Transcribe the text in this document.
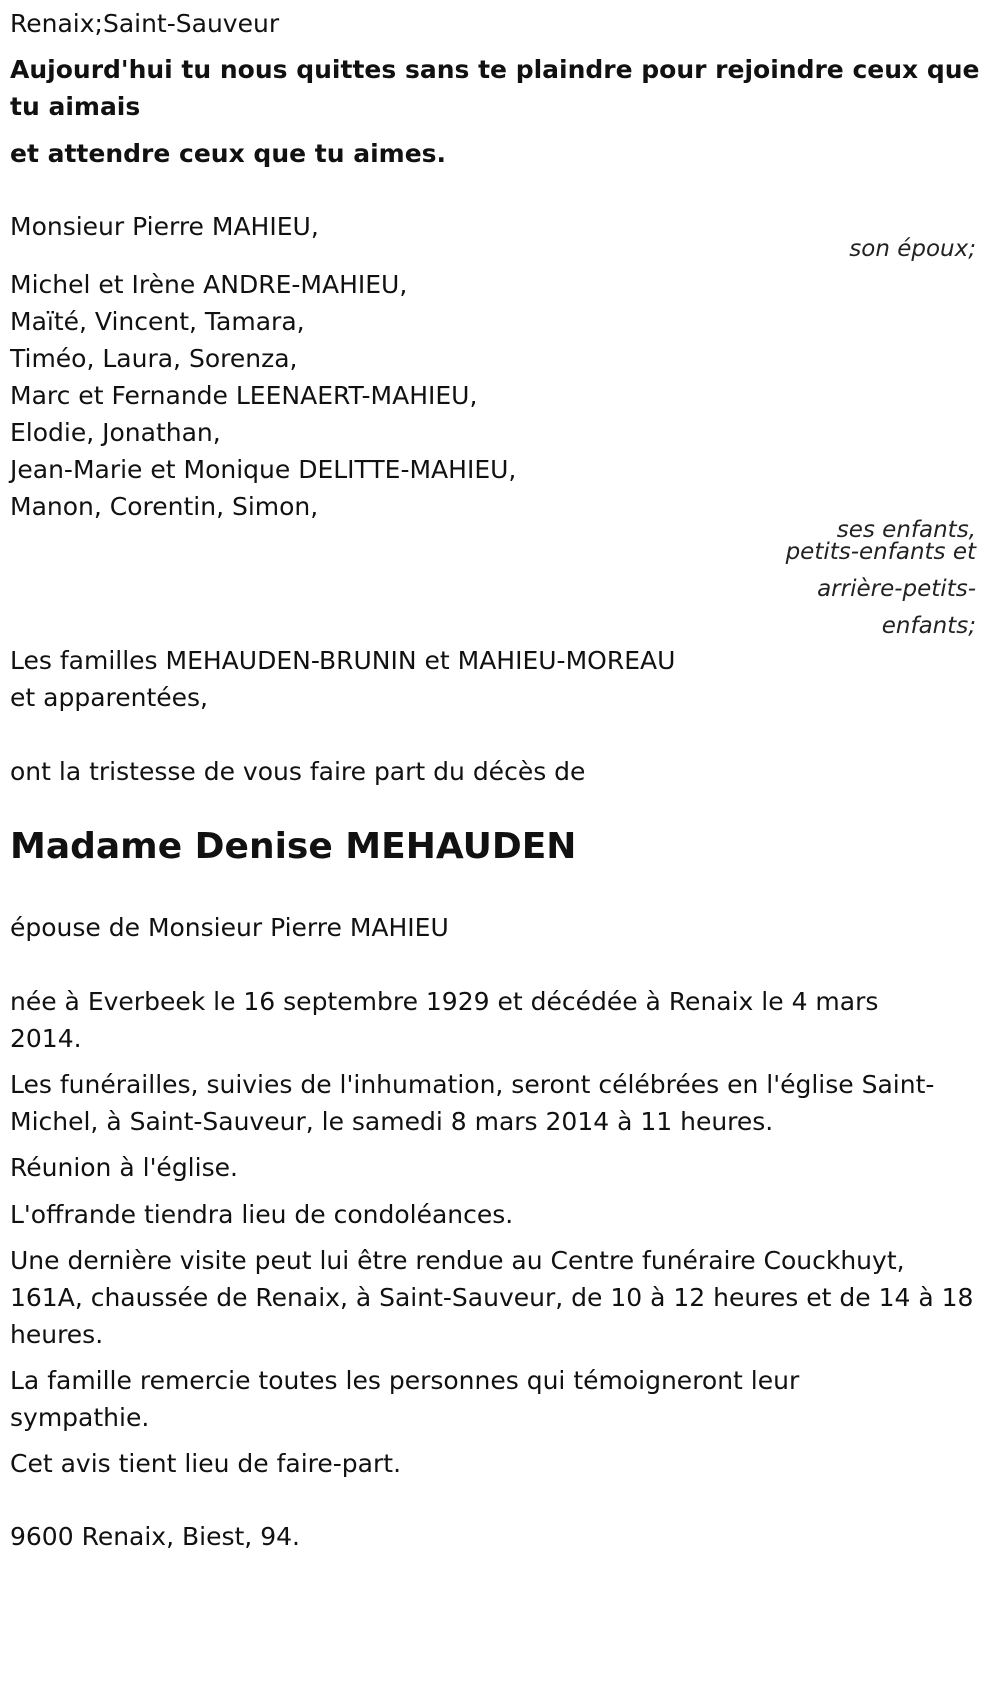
Renaix;Saint-Sauveur
Aujourd'hui tu nous quittes sans te plaindre pour rejoindre ceux que
tu aimais
et attendre ceux que tu aimes.
Monsieur Pierre MAHIEU,
son époux;
Michel et Irène ANDRE-MAHIEU,
Maïté, Vincent, Tamara,
Timéo, Laura, Sorenza,
Marc et Fernande LEENAERT-MAHIEU,
Elodie, Jonathan,
Jean-Marie et Monique DELITTE-MAHIEU,
Manon, Corentin, Simon,
ses enfants,
petits-enfants et
arrière-petits-
enfants;
Les familles MEHAUDEN-BRUNIN et MAHIEU-MOREAU
et apparentées,
ont la tristesse de vous faire part du décès de
Madame Denise MEHAUDEN
épouse de Monsieur Pierre MAHIEU
née à Everbeek le 16 septembre 1929 et décédée à Renaix le 4 mars
2014.
Les funérailles, suivies de l'inhumation, seront célébrées en l'église Saint-
Michel, à Saint-Sauveur, le samedi 8 mars 2014 à 11 heures.
Réunion à l'église.
L'offrande tiendra lieu de condoléances.
Une dernière visite peut lui être rendue au Centre funéraire Couckhuyt,
161A, chaussée de Renaix, à Saint-Sauveur, de 10 à 12 heures et de 14 à 18
heures.
La famille remercie toutes les personnes qui témoigneront leur
sympathie.
Cet avis tient lieu de faire-part.
9600 Renaix, Biest, 94.
